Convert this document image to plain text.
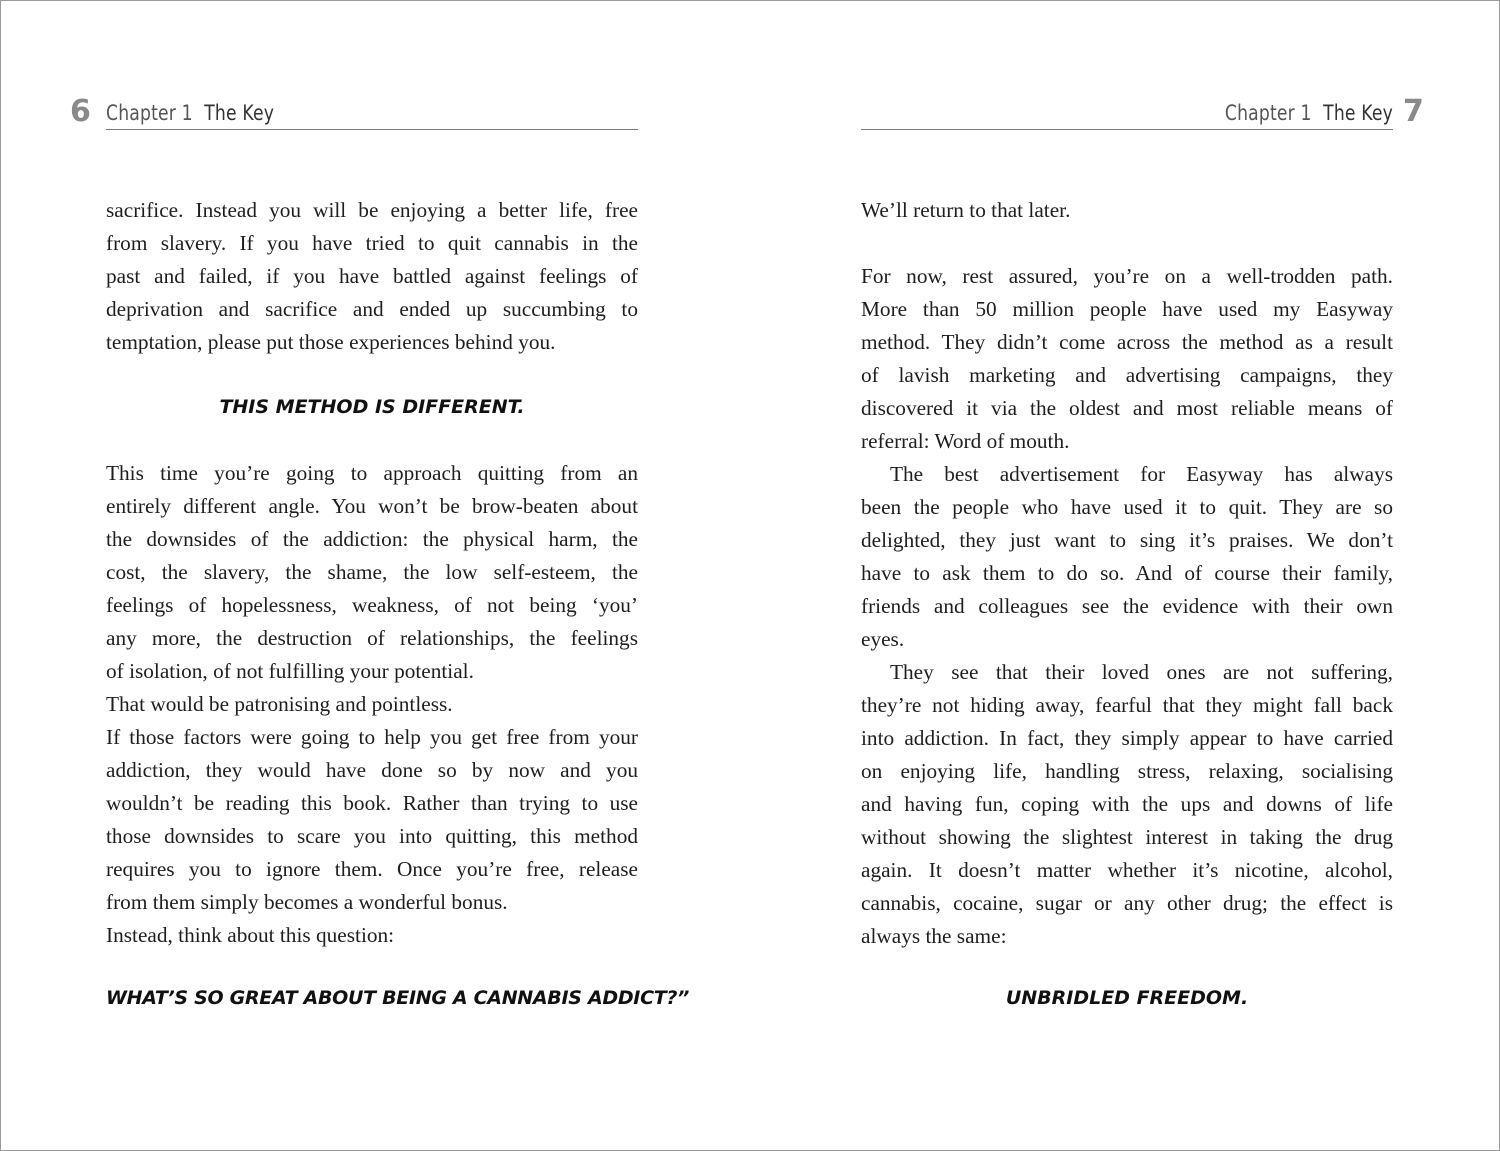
6 Chapter 1 The Key
sacrifice. Instead you will be enjoying a better life, free
from slavery. If you have tried to quit cannabis in the
past and failed, if you have battled against feelings of
deprivation and sacrifice and ended up succumbing to
temptation, please put those experiences behind you.
THIS METHOD IS DIFFERENT.
This time you’re going to approach quitting from an
entirely different angle. You won’t be brow-beaten about
the downsides of the addiction: the physical harm, the
cost, the slavery, the shame, the low self-esteem, the
feelings of hopelessness, weakness, of not being ‘you’
any more, the destruction of relationships, the feelings
of isolation, of not fulfilling your potential.
That would be patronising and pointless.
If those factors were going to help you get free from your
addiction, they would have done so by now and you
wouldn’t be reading this book. Rather than trying to use
those downsides to scare you into quitting, this method
requires you to ignore them. Once you’re free, release
from them simply becomes a wonderful bonus.
Instead, think about this question:
WHAT’S SO GREAT ABOUT BEING A CANNABIS ADDICT?”
Chapter 1 The Key
We’ll return to that later.
For now, rest assured, you’re on a well-trodden path.
More than 50 million people have used my Easyway
method. They didn’t come across the method as a result
of lavish marketing and advertising campaigns, they
discovered it via the oldest and most reliable means of
referral: Word of mouth.
The best advertisement for Easyway has always
been the people who have used it to quit. They are so
delighted, they just want to sing it’s praises. We don’t
have to ask them to do so. And of course their family,
friends and colleagues see the evidence with their own
eyes.
They see that their loved ones are not suffering,
they’re not hiding away, fearful that they might fall back
into addiction. In fact, they simply appear to have carried
on enjoying life, handling stress, relaxing, socialising
and having fun, coping with the ups and downs of life
without showing the slightest interest in taking the drug
again. It doesn’t matter whether it’s nicotine, alcohol,
cannabis, cocaine, sugar or any other drug; the effect is
always the same:
UNBRIDLED FREEDOM.
7
